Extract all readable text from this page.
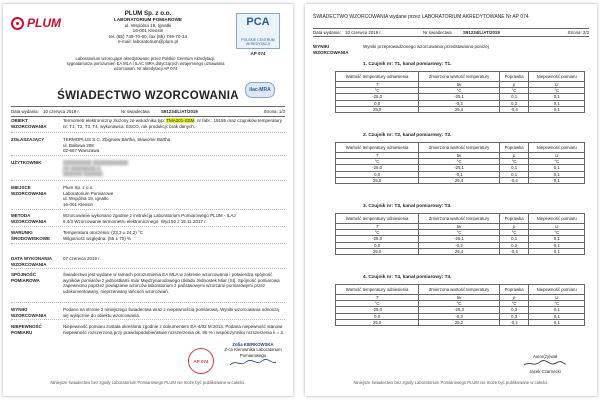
PLUM
PLUM Sp. z o.o.
LABORATORIUM POMIAROWE
ul. Wspólna 19, Ignatki
16-001 Kleosin
tel. (85) 749-70-00, fax (85) 749-70-14
e-mail: laboratorium@plum.pl
PCA
POLSKIE CENTRUM AKREDYTACJI
AP 074
ilac-MRA
Laboratorium wzorcujące akredytowane przez Polskie Centrum Akredytacji, sygnatariusza porozumień EA MLA i ILAC MRA dotyczących wzajemnego uznawania wzorcowań. Nr akredytacji AP 074
ŚWIADECTWO WZORCOWANIA
Data wydania: 10 czerwca 2019 r.	Nr świadectwa	S91234/L/AT/2019	Strona: 1/3
OBIEKT WZORCOWANIA
Termometr elektroniczny złożony ze wskaźnika typ: TMA201-SSM, nr fabr.: 19155 oraz czujników temperatury nr: T1, T2, T3, T4, wykonawca: ESCO, rok produkcji: brak danych.
ZGŁASZAJĄCY	TERMOPLUS S.C. Zbigniew Bartha, Sławomir Bartha
ul. Bałtowa 208
02-667 Warszawa
UŻYTKOWNIK	█████████ ███████████
██ ████████ █
██████ ██████
MIEJSCE WZORCOWANIA
Plum Sp. z o.o.
Laboratorium Pomiarowe
ul. Wspólna 19, Ignatki
16-001 Kleosin
METODA WZORCOWANIA
Wzorcowanie wykonano zgodnie z instrukcją Laboratorium Pomiarowego PLUM - ILAJ
6.4/3 Wzorcowanie termometru elektronicznego. Wyd.50 z 15.11.2017 r.
WARUNKI ŚRODOWISKOWE
Temperatura otoczenia: (23,3 ± 24,2) °C
Wilgotność względna: (55 ± 70) %
DATA WYKONANIA WZORCOWANIA
07 czerwca 2019 r.
SPÓJNOŚĆ POMIAROWA
Świadectwo jest wydane w ramach porozumienia EA MLA w zakresie wzorcowania i potwierdza spójność wyników pomiarów z jednostkami miar Międzynarodowego Układu Jednostek Miar (SI). Spójność pomiarowa zapewniono poprzez powiązanie wzorców laboratorium z państwowymi wzorcami pomiarowymi przez udokumentowany, nieprzerwany łańcuch wzorcowań.
WYNIKI WZORCOWANIA
Podano na stronie 2 niniejszego świadectwa wraz z niepewnością pomiarową. Wyniki wzorcowania odnoszą się wyłącznie do obiektu wzorcowania.
NIEPEWNOŚĆ POMIARU
Niepewność pomiaru została określona zgodnie z dokumentem EA-4/02 M:2013. Podana niepewność stanowi niepewność rozszerzoną przy prawdopodobieństwie rozszerzenia ok. 95 % i współczynniku rozszerzenia k = 2.
AP 074
Zofia KIERKOWSKA
Z-ca Kierownika Laboratorium Pomiarowego
Niniejsze świadectwo bez zgody Laboratorium Pomiarowego PLUM nie może być publikowane w całości.
ŚWIADECTWO WZORCOWANIA wydane przez LABORATORIUM AKREDYTOWANE Nr AP 074
Data wydania: 10 czerwca 2019 r.	Nr świadectwa	S91234/L/AT/2019	Strona: 2/3
WYNIKI WZORCOWANIA
Wyniki przeprowadzonego wzorcowania przedstawiono poniżej
1. Czujnik nr: T1, kanał pomiarowy: T1.
Wartość temperatury odniesienia	Zmierzona wartość temperatury	Poprawka	Niepewność pomiaru
T	tw	p	U
°C	°C	°C	°C
-25,0	-25,1	0,1	0,1
0,0	-0,2	0,2	0,1
25,0	25,4	-0,4	0,1
2. Czujnik nr: T2, kanał pomiarowy: T2.
Wartość temperatury odniesienia	Zmierzona wartość temperatury	Poprawka	Niepewność pomiaru
T	tw	p	U
°C	°C	°C	°C
-25,0	-25,1	0,1	0,1
0,0	-0,1	0,1	0,1
25,0	25,4	-0,4	0,1
3. Czujnik nr: T3, kanał pomiarowy: T3.
Wartość temperatury odniesienia	Zmierzona wartość temperatury	Poprawka	Niepewność pomiaru
T	tw	p	U
°C	°C	°C	°C
-25,0	-25,1	0,1	0,1
0,0	-0,2	0,2	0,1
25,0	25,4	-0,4	0,1
4. Czujnik nr: T4, kanał pomiarowy: T4.
Wartość temperatury odniesienia	Zmierzona wartość temperatury	Poprawka	Niepewność pomiaru
T	tw	p	U
°C	°C	°C	°C
-25,0	-25,3	0,3	0,1
0,0	-0,3	0,3	0,1
25,0	25,2	-0,2	0,1
Autor(zy)wał
Jacek Czarnecki
Niniejsze świadectwo bez zgody Laboratorium Pomiarowego PLUM nie może być publikowane w całości.
